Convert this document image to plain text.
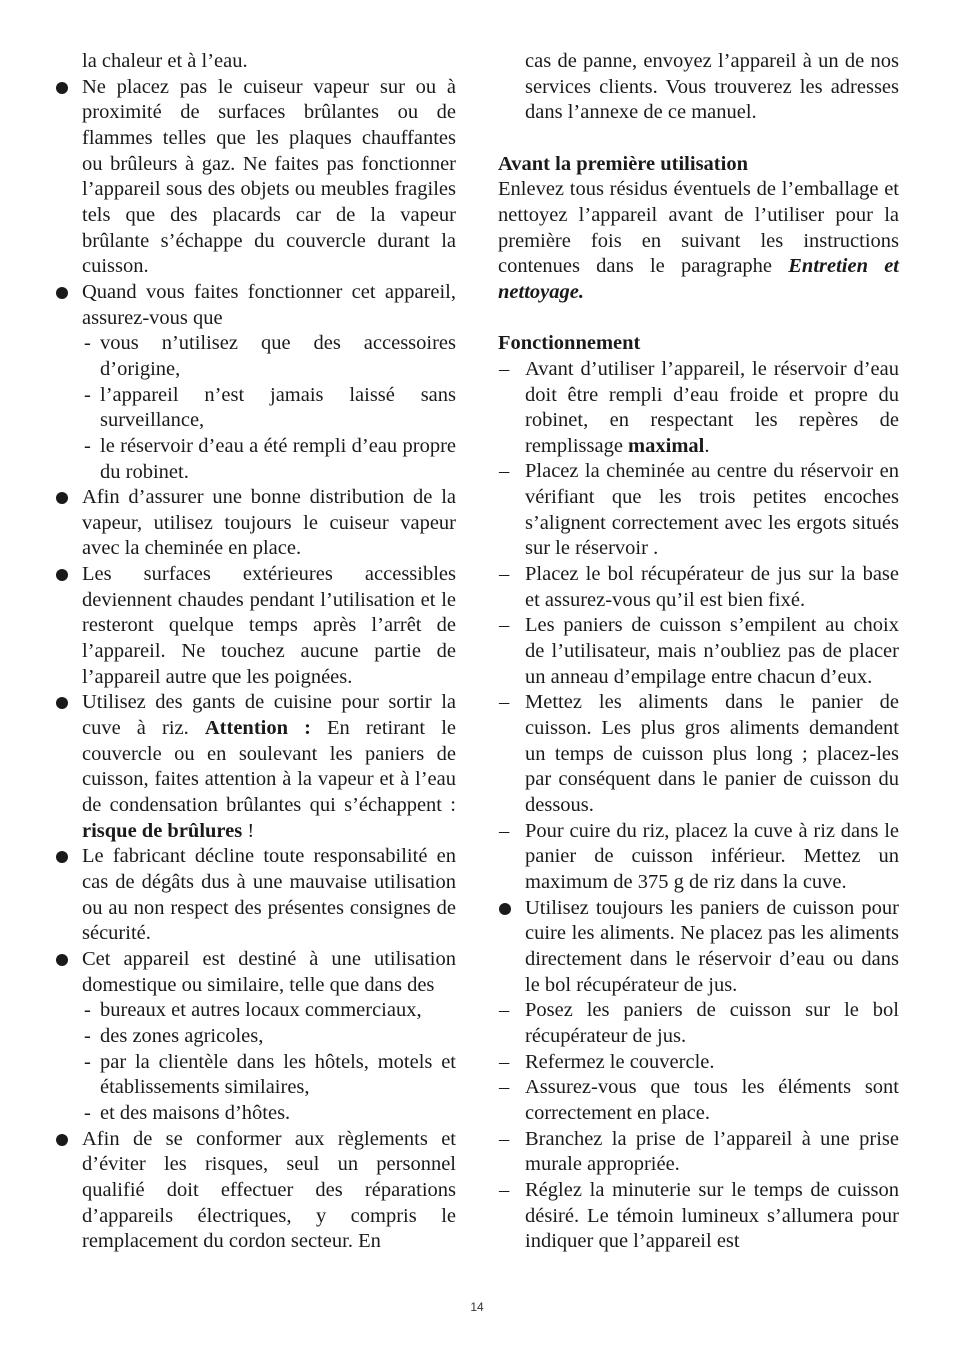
la chaleur et à l’eau.

Ne placez pas le cuiseur vapeur sur ou à proximité de surfaces brûlantes ou de flammes telles que les plaques chauffantes ou brûleurs à gaz. Ne faites pas fonctionner l’appareil sous des objets ou meubles fragiles tels que des placards car de la vapeur brûlante s’échappe du couvercle durant la cuisson.
Quand vous faites fonctionner cet appareil, assurez-vous que
- vous n’utilisez que des accessoires d’origine,
- l’appareil n’est jamais laissé sans surveillance,
- le réservoir d’eau a été rempli d’eau propre du robinet.
Afin d’assurer une bonne distribution de la vapeur, utilisez toujours le cuiseur vapeur avec la cheminée en place.
Les surfaces extérieures accessibles deviennent chaudes pendant l’utilisation et le resteront quelque temps après l’arrêt de l’appareil. Ne touchez aucune partie de l’appareil autre que les poignées.
Utilisez des gants de cuisine pour sortir la cuve à riz. Attention : En retirant le couvercle ou en soulevant les paniers de cuisson, faites attention à la vapeur et à l’eau de condensation brûlantes qui s’échappent : risque de brûlures !
Le fabricant décline toute responsabilité en cas de dégâts dus à une mauvaise utilisation ou au non respect des présentes consignes de sécurité.
Cet appareil est destiné à une utilisation domestique ou similaire, telle que dans des
- bureaux et autres locaux commerciaux,
- des zones agricoles,
- par la clientèle dans les hôtels, motels et établissements similaires,
- et des maisons d’hôtes.
Afin de se conformer aux règlements et d’éviter les risques, seul un personnel qualifié doit effectuer des réparations d’appareils électriques, y compris le remplacement du cordon secteur. En

cas de panne, envoyez l’appareil à un de nos services clients. Vous trouverez les adresses dans l’annexe de ce manuel.

Avant la première utilisation

Enlevez tous résidus éventuels de l’emballage et nettoyez l’appareil avant de l’utiliser pour la première fois en suivant les instructions contenues dans le paragraphe Entretien et nettoyage.

Fonctionnement

– Avant d’utiliser l’appareil, le réservoir d’eau doit être rempli d’eau froide et propre du robinet, en respectant les repères de remplissage maximal.
– Placez la cheminée au centre du réservoir en vérifiant que les trois petites encoches s’alignent correctement avec les ergots situés sur le réservoir .
– Placez le bol récupérateur de jus sur la base et assurez-vous qu’il est bien fixé.
– Les paniers de cuisson s’empilent au choix de l’utilisateur, mais n’oubliez pas de placer un anneau d’empilage entre chacun d’eux.
– Mettez les aliments dans le panier de cuisson. Les plus gros aliments demandent un temps de cuisson plus long ; placez-les par conséquent dans le panier de cuisson du dessous.
– Pour cuire du riz, placez la cuve à riz dans le panier de cuisson inférieur. Mettez un maximum de 375 g de riz dans la cuve.
Utilisez toujours les paniers de cuisson pour cuire les aliments. Ne placez pas les aliments directement dans le réservoir d’eau ou dans le bol récupérateur de jus.
– Posez les paniers de cuisson sur le bol récupérateur de jus.
– Refermez le couvercle.
– Assurez-vous que tous les éléments sont correctement en place.
– Branchez la prise de l’appareil à une prise murale appropriée.
– Réglez la minuterie sur le temps de cuisson désiré. Le témoin lumineux s’allumera pour indiquer que l’appareil est
14
